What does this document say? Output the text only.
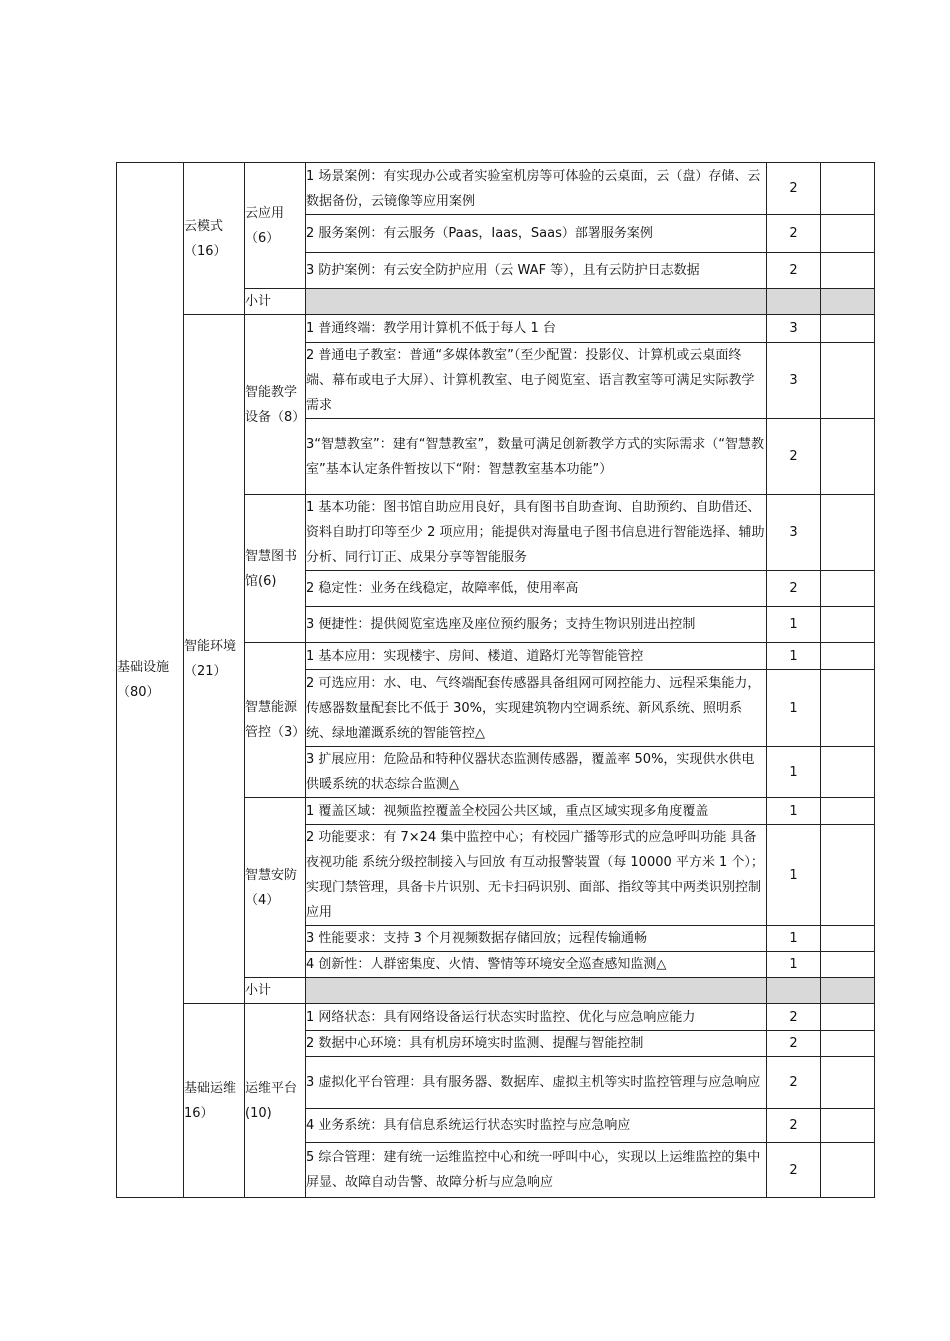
基础设施（80）	云模式（16）	云应用（6）	1 场景案例：有实现办公或者实验室机房等可体验的云桌面，云（盘）存储、云数据备份，云镜像等应用案例	2	
			2 服务案例：有云服务（Paas，Iaas，Saas）部署服务案例	2	
			3 防护案例：有云安全防护应用（云 WAF 等），且有云防护日志数据	2	
		小计			
	智能环境（21）	智能教学设备（8）	1 普通终端：教学用计算机不低于每人 1 台	3	
			2 普通电子教室：普通“多媒体教室”（至少配置：投影仪、计算机或云桌面终端、幕布或电子大屏）、计算机教室、电子阅览室、语言教室等可满足实际教学需求	3	
			3“智慧教室”：建有“智慧教室”，数量可满足创新教学方式的实际需求（“智慧教室”基本认定条件暂按以下“附：智慧教室基本功能”）	2	
		智慧图书馆(6)	1 基本功能：图书馆自助应用良好，具有图书自助查询、自助预约、自助借还、资料自助打印等至少 2 项应用；能提供对海量电子图书信息进行智能选择、辅助分析、同行订正、成果分享等智能服务	3	
			2 稳定性：业务在线稳定，故障率低，使用率高	2	
			3 便捷性：提供阅览室选座及座位预约服务；支持生物识别进出控制	1	
		智慧能源管控（3）	1 基本应用：实现楼宇、房间、楼道、道路灯光等智能管控	1	
			2 可选应用：水、电、气终端配套传感器具备组网可网控能力、远程采集能力，传感器数量配套比不低于 30%，实现建筑物内空调系统、新风系统、照明系统、绿地灌溉系统的智能管控△	1	
			3 扩展应用：危险品和特种仪器状态监测传感器，覆盖率 50%，实现供水供电供暖系统的状态综合监测△	1	
		智慧安防（4）	1 覆盖区域：视频监控覆盖全校园公共区域，重点区域实现多角度覆盖	1	
			2 功能要求：有 7×24 集中监控中心；有校园广播等形式的应急呼叫功能 具备夜视功能 系统分级控制接入与回放 有互动报警装置（每 10000 平方米 1 个）；实现门禁管理，具备卡片识别、无卡扫码识别、面部、指纹等其中两类识别控制应用	1	
			3 性能要求：支持 3 个月视频数据存储回放；远程传输通畅	1	
			4 创新性：人群密集度、火情、警情等环境安全巡查感知监测△	1	
		小计			
	基础运维 16）	运维平台(10)	1 网络状态：具有网络设备运行状态实时监控、优化与应急响应能力	2	
			2 数据中心环境：具有机房环境实时监测、提醒与智能控制	2	
			3 虚拟化平台管理：具有服务器、数据库、虚拟主机等实时监控管理与应急响应	2	
			4 业务系统：具有信息系统运行状态实时监控与应急响应	2	
			5 综合管理：建有统一运维监控中心和统一呼叫中心，实现以上运维监控的集中屏显、故障自动告警、故障分析与应急响应	2	
